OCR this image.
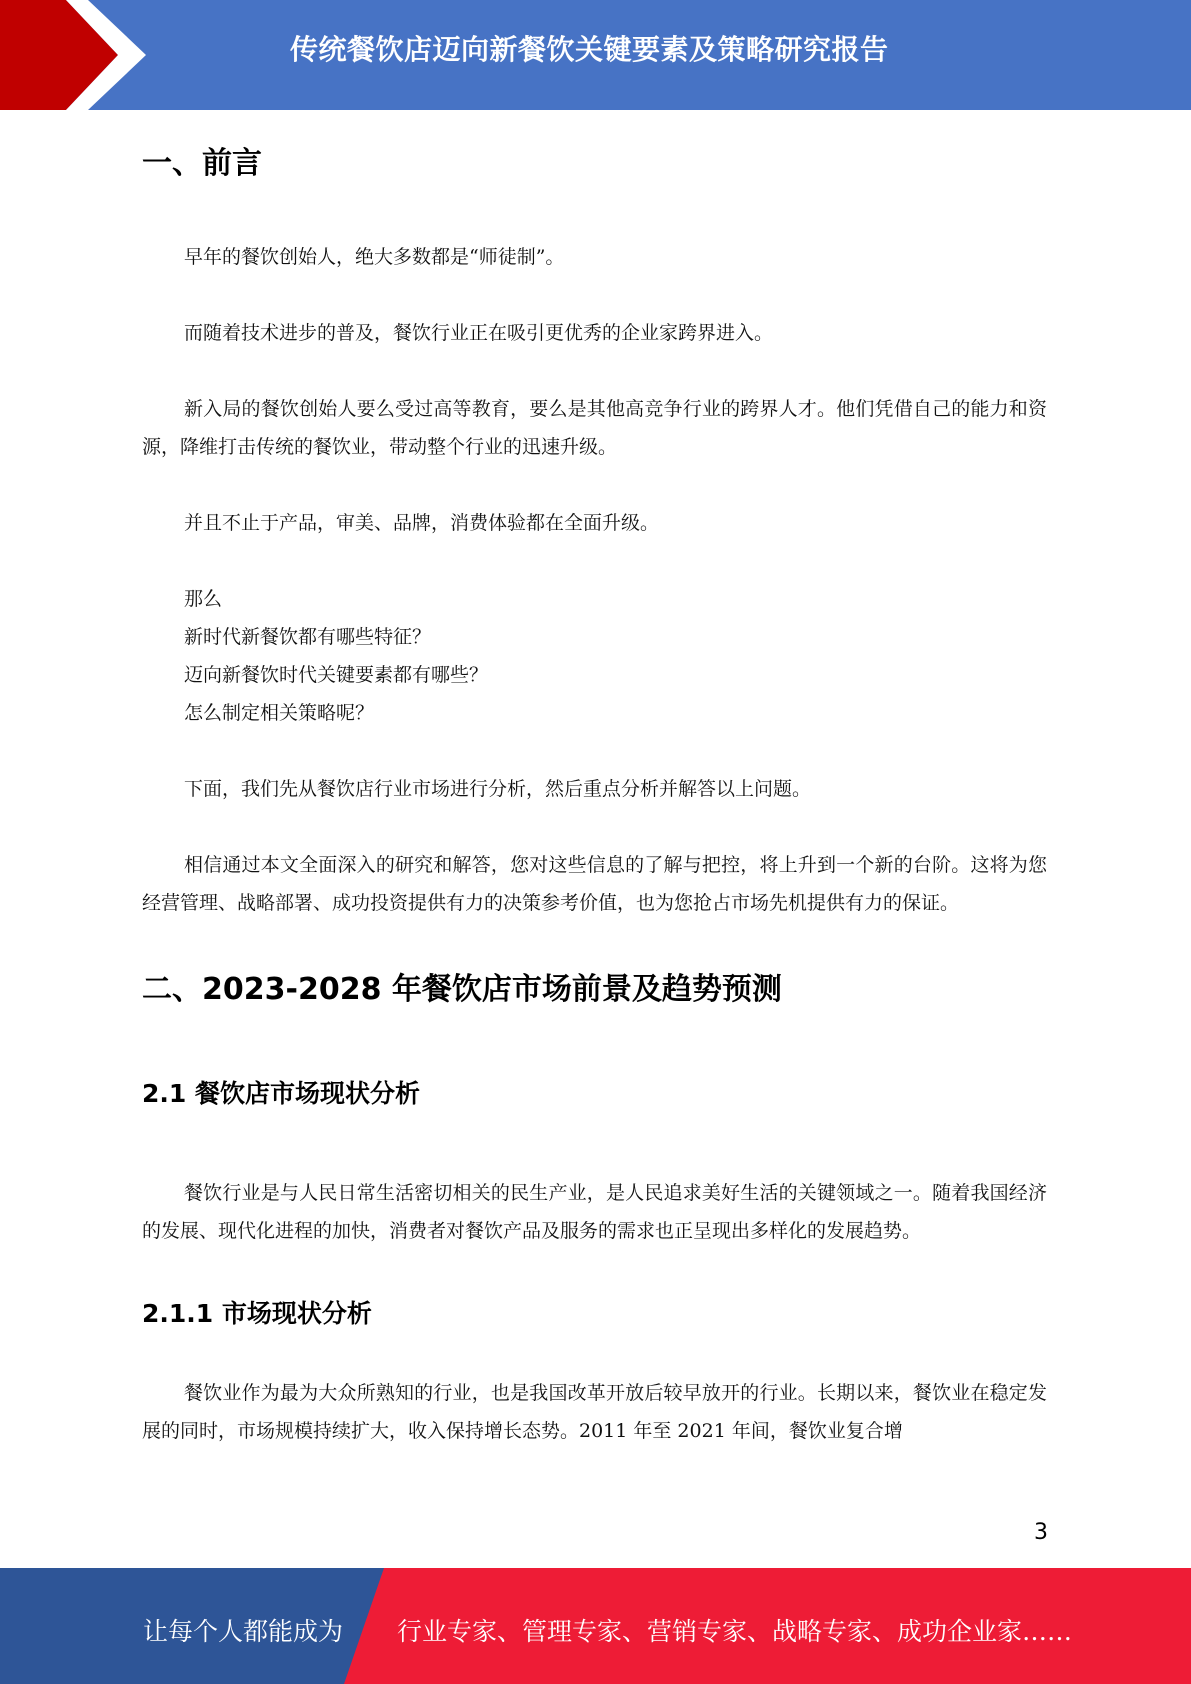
传统餐饮店迈向新餐饮关键要素及策略研究报告
一、前言

早年的餐饮创始人，绝大多数都是“师徒制”。

而随着技术进步的普及，餐饮行业正在吸引更优秀的企业家跨界进入。

新入局的餐饮创始人要么受过高等教育，要么是其他高竞争行业的跨界人才。他们凭借自己的能力和资源，降维打击传统的餐饮业，带动整个行业的迅速升级。

并且不止于产品，审美、品牌，消费体验都在全面升级。

那么

新时代新餐饮都有哪些特征？

迈向新餐饮时代关键要素都有哪些？

怎么制定相关策略呢？

下面，我们先从餐饮店行业市场进行分析，然后重点分析并解答以上问题。

相信通过本文全面深入的研究和解答，您对这些信息的了解与把控，将上升到一个新的台阶。这将为您经营管理、战略部署、成功投资提供有力的决策参考价值，也为您抢占市场先机提供有力的保证。

二、2023-2028 年餐饮店市场前景及趋势预测
2.1 餐饮店市场现状分析

餐饮行业是与人民日常生活密切相关的民生产业，是人民追求美好生活的关键领域之一。随着我国经济的发展、现代化进程的加快，消费者对餐饮产品及服务的需求也正呈现出多样化的发展趋势。

2.1.1 市场现状分析

餐饮业作为最为大众所熟知的行业，也是我国改革开放后较早放开的行业。长期以来，餐饮业在稳定发展的同时，市场规模持续扩大，收入保持增长态势。2011 年至 2021 年间，餐饮业复合增

3
让每个人都能成为 行业专家、管理专家、营销专家、战略专家、成功企业家……
